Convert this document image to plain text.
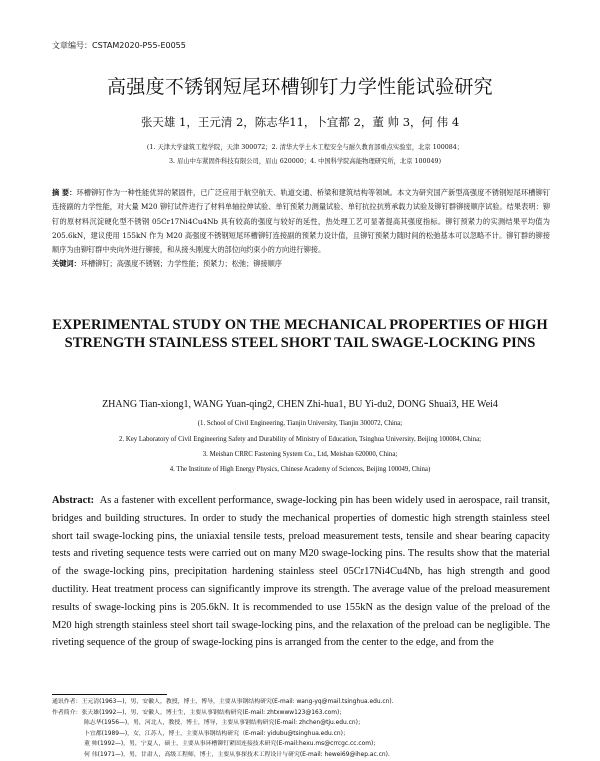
文章编号：CSTAM2020-P55-E0055
高强度不锈钢短尾环槽铆钉力学性能试验研究
张天雄 1，王元清 2，陈志华11，卜宜都 2，董 帅 3，何 伟 4
(1. 天津大学建筑工程学院，天津 300072；2. 清华大学土木工程安全与耐久教育部重点实验室，北京 100084；
3. 眉山中车紧固件科技有限公司，眉山 620000；4. 中国科学院高能物理研究所，北京 100049)
摘 要：环槽铆钉作为一种性能优异的紧固件，已广泛应用于航空航天、轨道交通、桥梁和建筑结构等领域。本文为研究国产新型高强度不锈钢短尾环槽铆钉连接副的力学性能，对大量 M20 铆钉试件进行了材料单轴拉伸试验、单钉预紧力测量试验、单钉抗拉抗剪承载力试验及铆钉群铆接顺序试验。结果表明：铆钉的原材料沉淀硬化型不锈钢 05Cr17Ni4Cu4Nb 具有较高的强度与较好的延性，热处理工艺可显著提高其强度指标。铆钉预紧力的实测结果平均值为 205.6kN，建议使用 155kN 作为 M20 高强度不锈钢短尾环槽铆钉连接副的预紧力设计值，且铆钉预紧力随时间的松弛基本可以忽略不计。铆钉群的铆接顺序为由铆钉群中央向外进行铆接，和从接头刚度大的部位向约束小的方向进行铆接。
关键词：环槽铆钉；高强度不锈钢；力学性能；预紧力；松弛；铆接顺序
EXPERIMENTAL STUDY ON THE MECHANICAL PROPERTIES OF HIGH STRENGTH STAINLESS STEEL SHORT TAIL SWAGE-LOCKING PINS
ZHANG Tian-xiong1, WANG Yuan-qing2, CHEN Zhi-hua1, BU Yi-du2, DONG Shuai3, HE Wei4
(1. School of Civil Engineering, Tianjin University, Tianjin 300072, China;
2. Key Laboratory of Civil Engineering Safety and Durability of Ministry of Education, Tsinghua University, Beijing 100084, China;
3. Meishan CRRC Fastening System Co., Ltd, Meishan 620000, China;
4. The Institute of High Energy Physics, Chinese Academy of Sciences, Beijing 100049, China)
Abstract: As a fastener with excellent performance, swage-locking pin has been widely used in aerospace, rail transit, bridges and building structures. In order to study the mechanical properties of domestic high strength stainless steel short tail swage-locking pins, the uniaxial tensile tests, preload measurement tests, tensile and shear bearing capacity tests and riveting sequence tests were carried out on many M20 swage-locking pins. The results show that the material of the swage-locking pins, precipitation hardening stainless steel 05Cr17Ni4Cu4Nb, has high strength and good ductility. Heat treatment process can significantly improve its strength. The average value of the preload measurement results of swage-locking pins is 205.6kN. It is recommended to use 155kN as the design value of the preload of the M20 high strength stainless steel short tail swage-locking pins, and the relaxation of the preload can be negligible. The riveting sequence of the group of swage-locking pins is arranged from the center to the edge, and from the
通讯作者：王元清(1963—)，男，安徽人，教授，博士，博导，主要从事钢结构研究(E-mail: wang-yq@mail.tsinghua.edu.cn).
作者简介：张天雄(1992—)，男，安徽人，博士生，主要从事钢结构研究(E-mail: zhtxwww123@163.com)；
陈志华(1956—)，男，河北人，教授，博士，博导，主要从事钢结构研究(E-mail: zhchen@tju.edu.cn)；
卜宜都(1989—)，女，江苏人，博士，主要从事钢结构研究（E-mail: yidubu@tsinghua.edu.cn)；
董 帅(1992—)，男，宁夏人，硕士，主要从事环槽铆钉紧固连接技术研究(E-mail:hexu.ms@crrcgc.cc.com)；
何 伟(1971—)，男，甘肃人，高级工程师，博士，主要从事探技术工程设计与研究(E-mail: hewei69@ihep.ac.cn).
